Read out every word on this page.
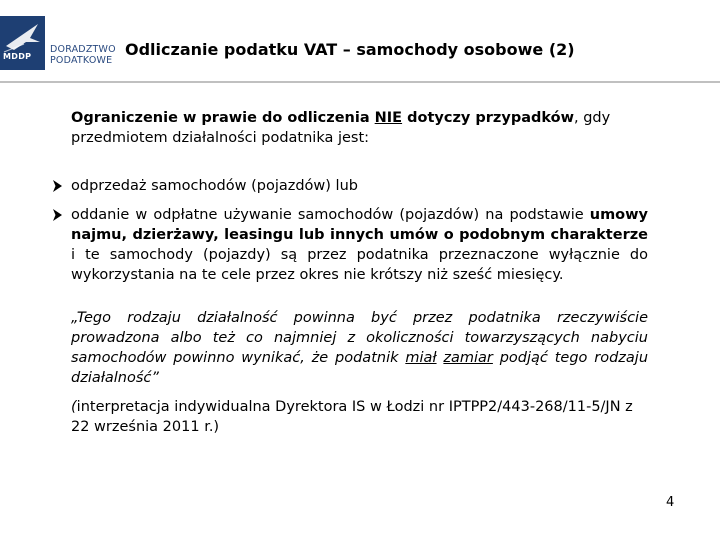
MDDP
DORADZTWO
PODATKOWE
Odliczanie podatku VAT – samochody osobowe (2)

Ograniczenie w prawie do odliczenia NIE dotyczy przypadków, gdy przedmiotem działalności podatnika jest:

odprzedaż samochodów (pojazdów) lub

oddanie w odpłatne używanie samochodów (pojazdów) na podstawie umowy najmu, dzierżawy, leasingu lub innych umów o podobnym charakterze i te samochody (pojazdy) są przez podatnika przeznaczone wyłącznie do wykorzystania na te cele przez okres nie krótszy niż sześć miesięcy.

„Tego rodzaju działalność powinna być przez podatnika rzeczywiście prowadzona albo też co najmniej z okoliczności towarzyszących nabyciu samochodów powinno wynikać, że podatnik miał zamiar podjąć tego rodzaju działalność”

(interpretacja indywidualna Dyrektora IS w Łodzi nr IPTPP2/443-268/11-5/JN z 22 września 2011 r.)

4
